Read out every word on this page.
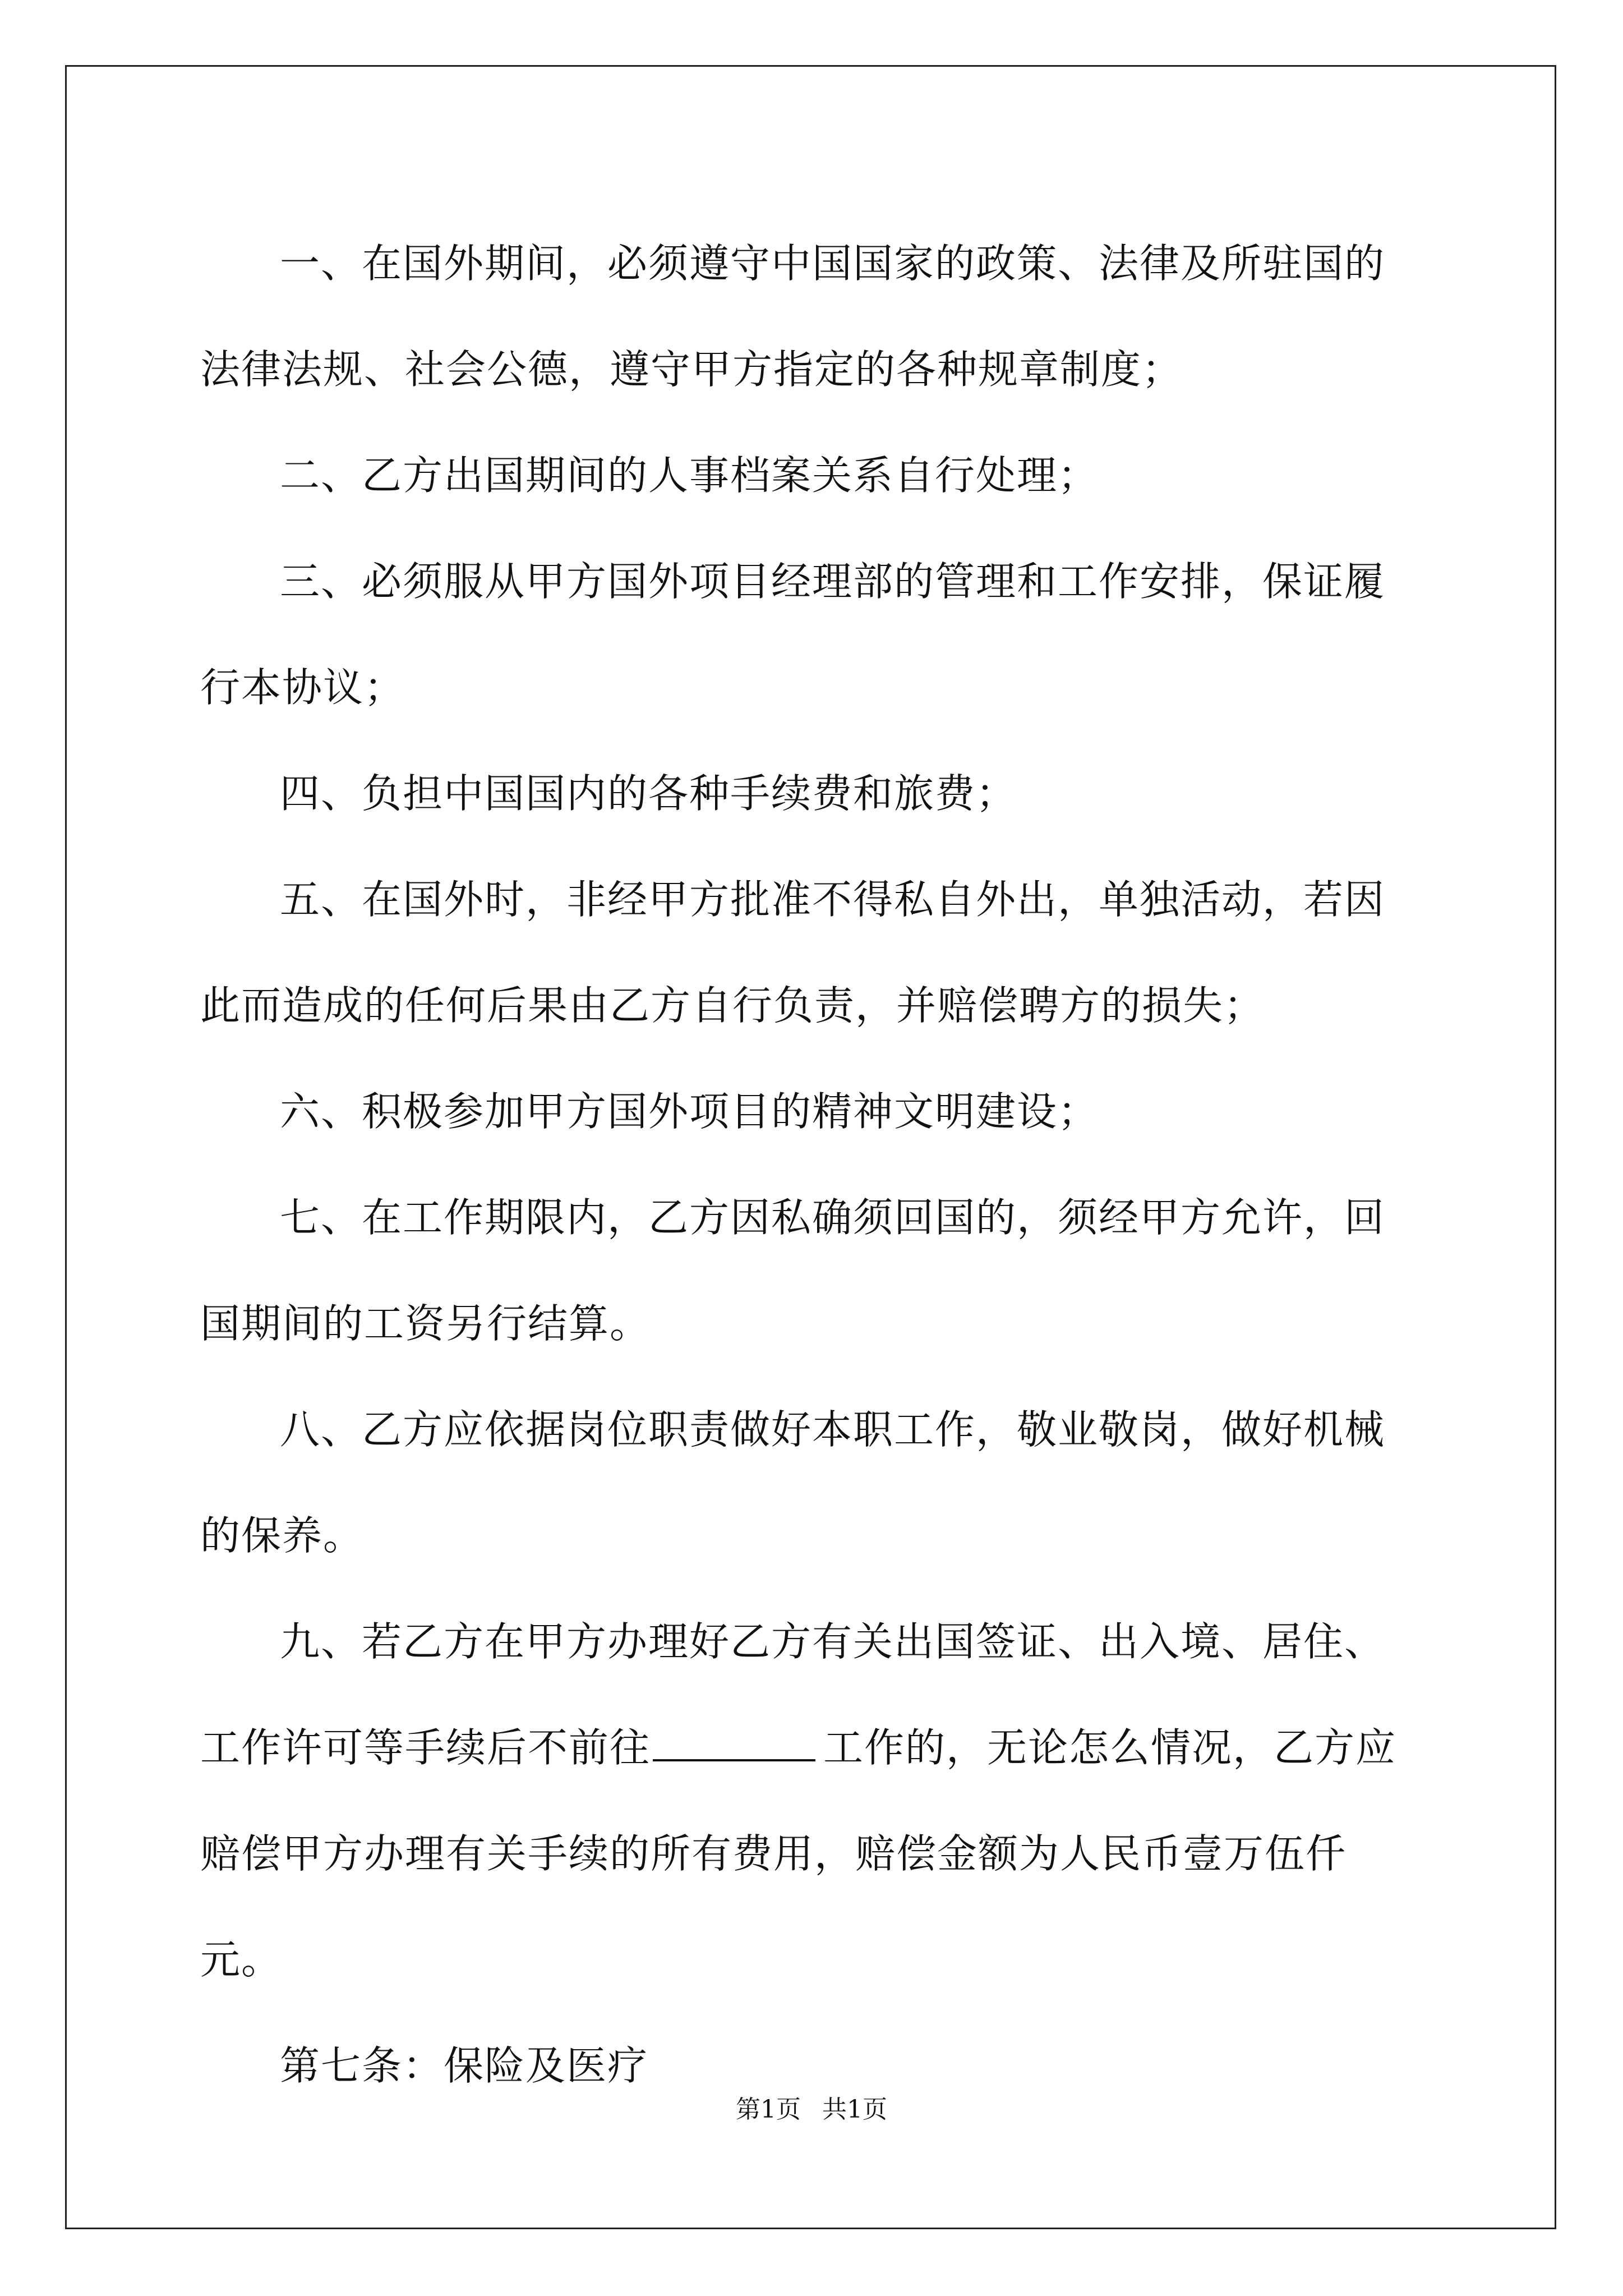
一、在国外期间，必须遵守中国国家的政策、法律及所驻国的法律法规、社会公德，遵守甲方指定的各种规章制度；

二、乙方出国期间的人事档案关系自行处理；

三、必须服从甲方国外项目经理部的管理和工作安排，保证履行本协议；

四、负担中国国内的各种手续费和旅费；

五、在国外时，非经甲方批准不得私自外出，单独活动，若因此而造成的任何后果由乙方自行负责，并赔偿聘方的损失；

六、积极参加甲方国外项目的精神文明建设；

七、在工作期限内，乙方因私确须回国的，须经甲方允许，回国期间的工资另行结算。

八、乙方应依据岗位职责做好本职工作，敬业敬岗，做好机械的保养。

九、若乙方在甲方办理好乙方有关出国签证、出入境、居住、工作许可等手续后不前往	工作的，无论怎么情况，乙方应赔偿甲方办理有关手续的所有费用，赔偿金额为人民币壹万伍仟元。

第七条：保险及医疗

第1页 共1页
